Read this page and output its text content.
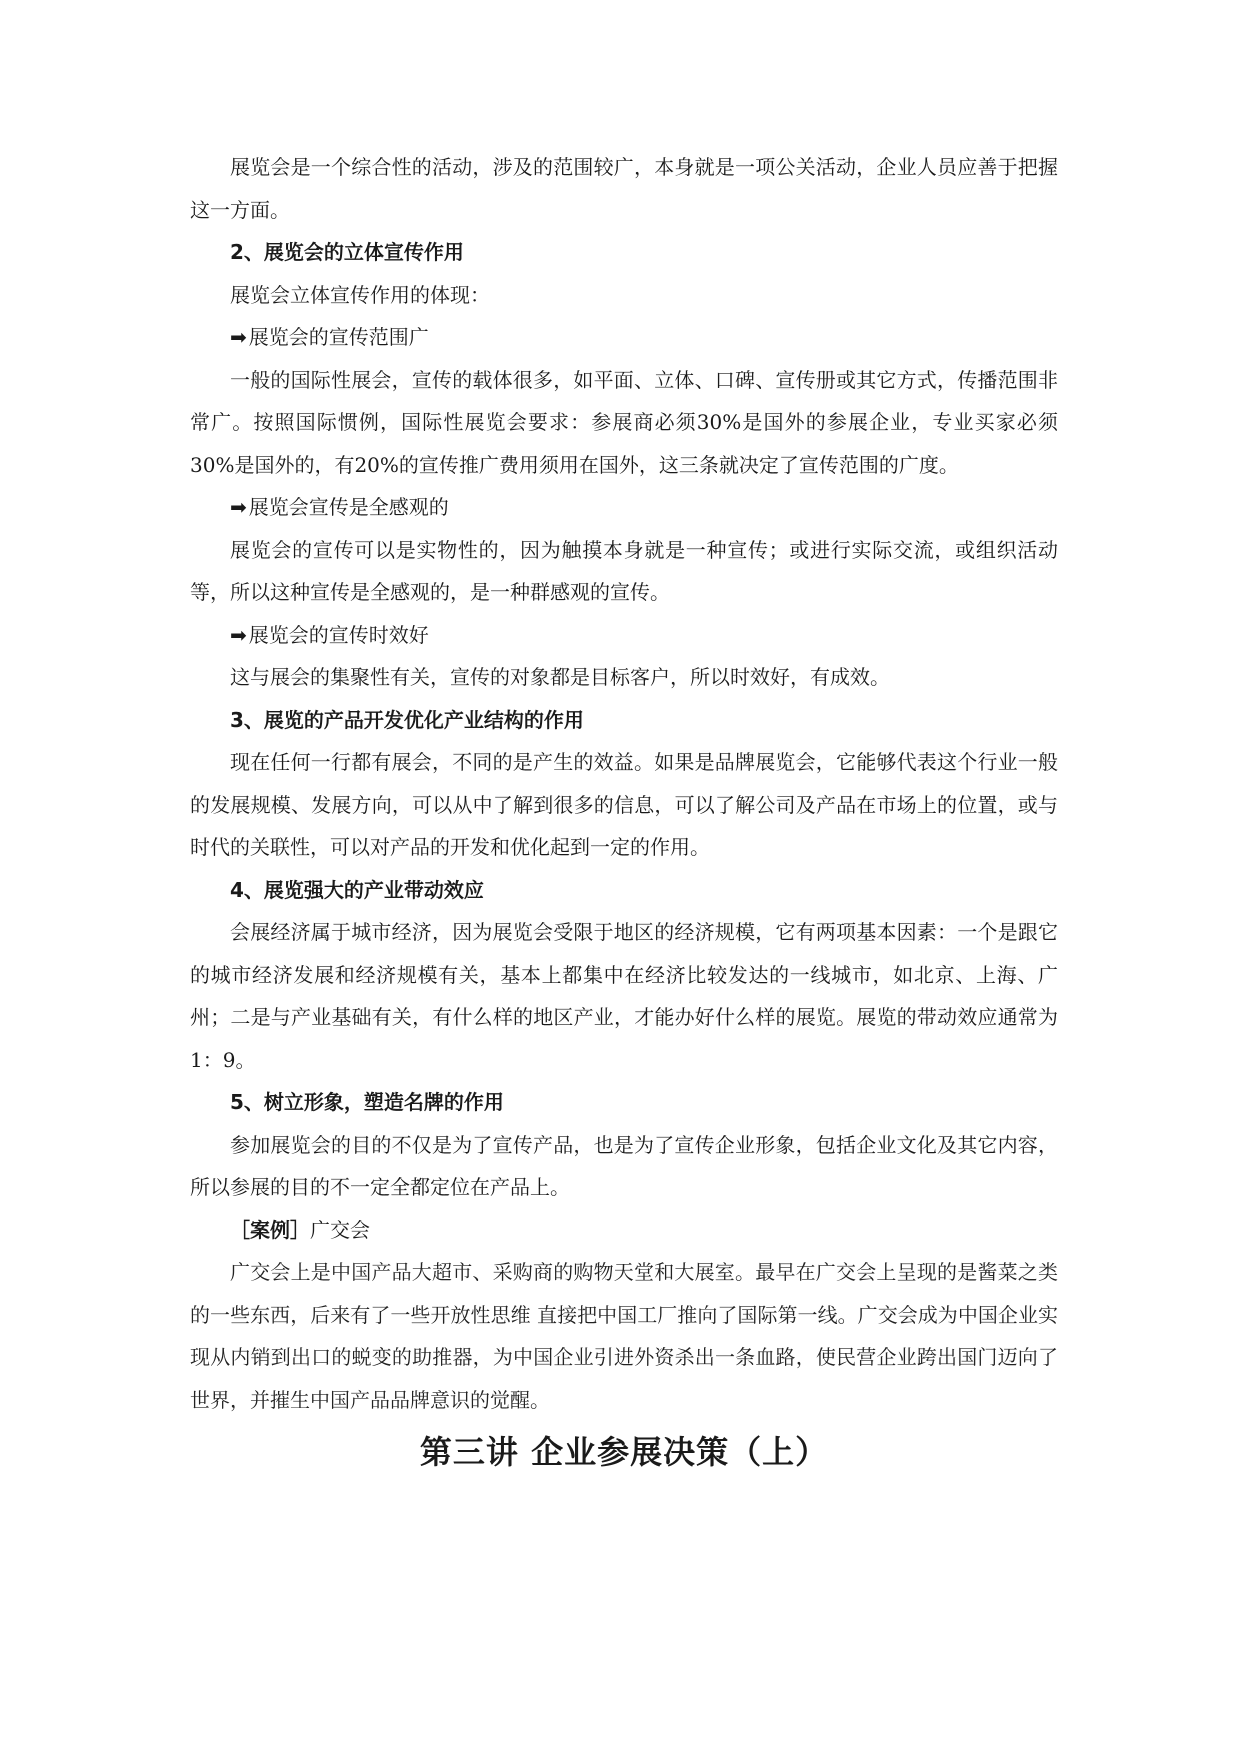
展览会是一个综合性的活动，涉及的范围较广，本身就是一项公关活动，企业人员应善于把握这一方面。

2、展览会的立体宣传作用

展览会立体宣传作用的体现：

➡ 展览会的宣传范围广

一般的国际性展会，宣传的载体很多，如平面、立体、口碑、宣传册或其它方式，传播范围非常广。按照国际惯例，国际性展览会要求：参展商必须30%是国外的参展企业，专业买家必须30%是国外的，有20%的宣传推广费用须用在国外，这三条就决定了宣传范围的广度。

➡ 展览会宣传是全感观的

展览会的宣传可以是实物性的，因为触摸本身就是一种宣传；或进行实际交流，或组织活动等，所以这种宣传是全感观的，是一种群感观的宣传。

➡ 展览会的宣传时效好

这与展会的集聚性有关，宣传的对象都是目标客户，所以时效好，有成效。

3、展览的产品开发优化产业结构的作用

现在任何一行都有展会，不同的是产生的效益。如果是品牌展览会，它能够代表这个行业一般的发展规模、发展方向，可以从中了解到很多的信息，可以了解公司及产品在市场上的位置，或与时代的关联性，可以对产品的开发和优化起到一定的作用。

4、展览强大的产业带动效应

会展经济属于城市经济，因为展览会受限于地区的经济规模，它有两项基本因素：一个是跟它的城市经济发展和经济规模有关，基本上都集中在经济比较发达的一线城市，如北京、上海、广州；二是与产业基础有关，有什么样的地区产业，才能办好什么样的展览。展览的带动效应通常为1：9。

5、树立形象，塑造名牌的作用

参加展览会的目的不仅是为了宣传产品，也是为了宣传企业形象，包括企业文化及其它内容，所以参展的目的不一定全都定位在产品上。

［案例］广交会

广交会上是中国产品大超市、采购商的购物天堂和大展室。最早在广交会上呈现的是酱菜之类的一些东西，后来有了一些开放性思维 直接把中国工厂推向了国际第一线。广交会成为中国企业实现从内销到出口的蜕变的助推器，为中国企业引进外资杀出一条血路，使民营企业跨出国门迈向了世界，并摧生中国产品品牌意识的觉醒。

第三讲 企业参展决策（上）
